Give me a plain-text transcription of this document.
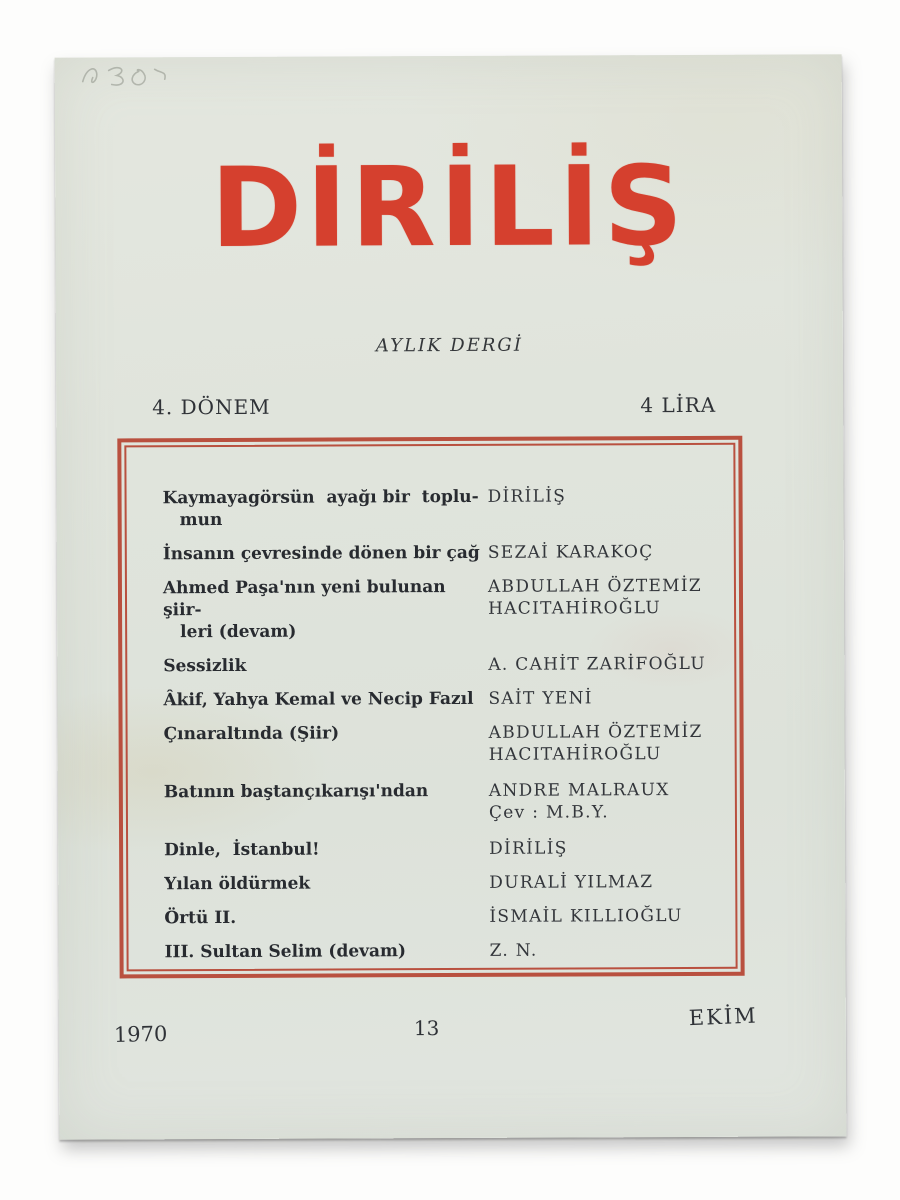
DİRİLİŞ
AYLIK DERGİ
4. DÖNEM	4 LİRA
Kaymayagörsün  ayağı bir  toplu-
mun
DİRİLİŞ
İnsanın çevresinde dönen bir çağ SEZAİ KARAKOÇ
Ahmed Paşa'nın yeni bulunan şiir-
leri (devam)
ABDULLAH ÖZTEMİZ
HACITAHİROĞLU
Sessizlik	A. CAHİT ZARİFOĞLU
Âkif, Yahya Kemal ve Necip Fazıl SAİT YENİ
Çınaraltında (Şiir)	ABDULLAH ÖZTEMİZ
HACITAHİROĞLU
Batının baştançıkarışı'ndan	ANDRE MALRAUX
Çev : M.B.Y.
Dinle,  İstanbul!	DİRİLİŞ
Yılan öldürmek	DURALİ YILMAZ
Örtü II.	İSMAİL KILLIOĞLU
III. Sultan Selim (devam)	Z. N.
1970	13	EKİM
